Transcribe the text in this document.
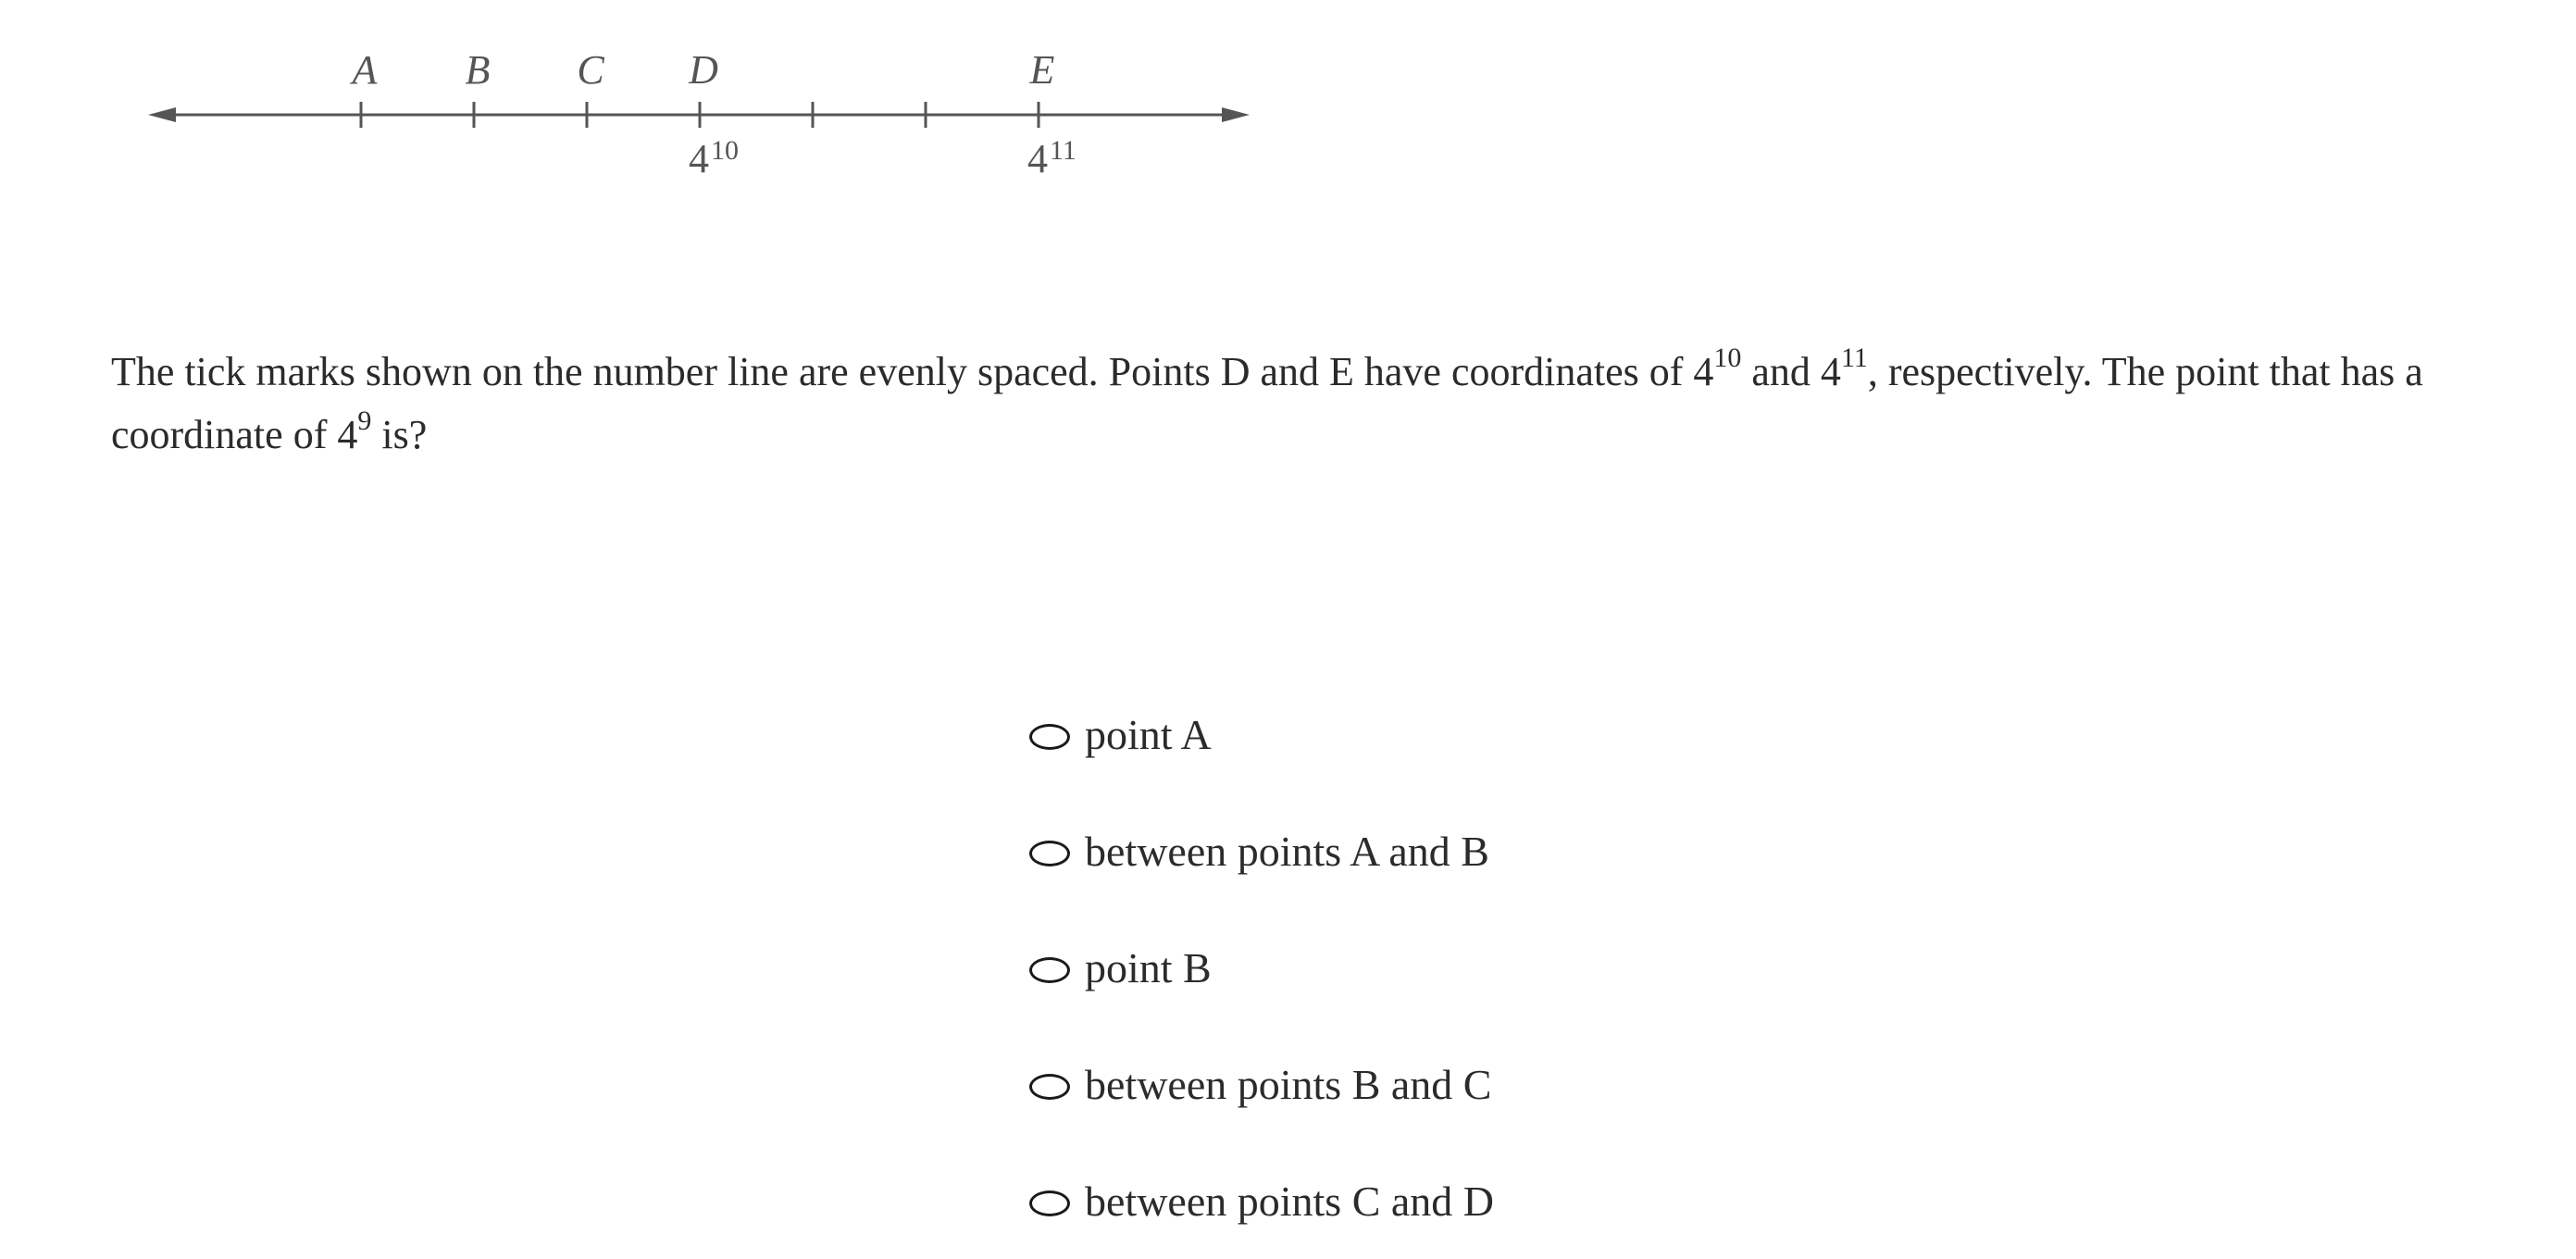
A B C D	E
410	411
The tick marks shown on the number line are evenly spaced. Points D and E have coordinates of $4^{10}$ and $4^{11}$, respectively. The point that has a coordinate of $4^9$ is?
point A
between points A and B
point B
between points B and C
between points C and D
